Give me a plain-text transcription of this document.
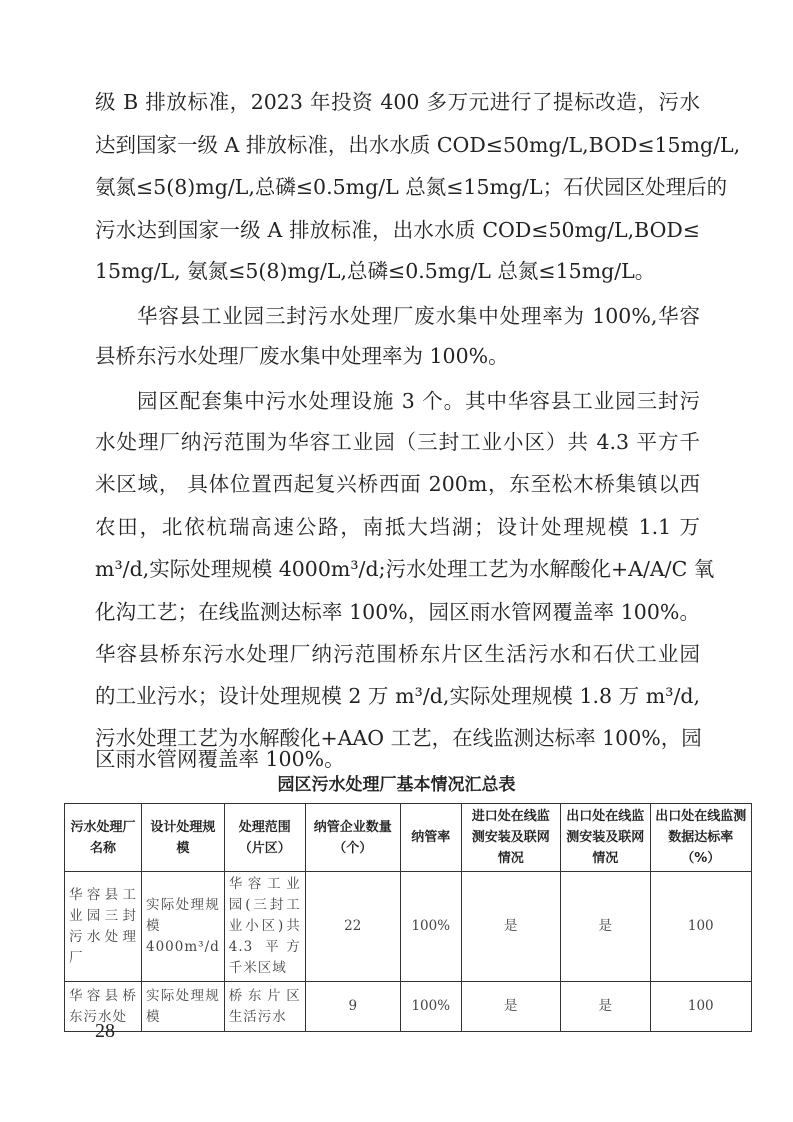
级 B 排放标准，2023 年投资 400 多万元进行了提标改造，污水
达到国家一级 A 排放标准，出水水质 COD≤50mg/L,BOD≤15mg/L,
氨氮≤5(8)mg/L,总磷≤0.5mg/L 总氮≤15mg/L；石伏园区处理后的
污水达到国家一级 A 排放标准，出水水质 COD≤50mg/L,BOD≤
15mg/L, 氨氮≤5(8)mg/L,总磷≤0.5mg/L 总氮≤15mg/L。
华容县工业园三封污水处理厂废水集中处理率为 100%,华容
县桥东污水处理厂废水集中处理率为 100%。
园区配套集中污水处理设施 3 个。其中华容县工业园三封污
水处理厂纳污范围为华容工业园（三封工业小区）共 4.3 平方千
米区域， 具体位置西起复兴桥西面 200m，东至松木桥集镇以西
农田，北依杭瑞高速公路，南抵大垱湖；设计处理规模 1.1 万
m³/d,实际处理规模 4000m³/d;污水处理工艺为水解酸化+A/A/C 氧
化沟工艺；在线监测达标率 100%，园区雨水管网覆盖率 100%。
华容县桥东污水处理厂纳污范围桥东片区生活污水和石伏工业园
的工业污水；设计处理规模 2 万 m³/d,实际处理规模 1.8 万 m³/d,
污水处理工艺为水解酸化+AAO 工艺，在线监测达标率 100%，园
区雨水管网覆盖率 100%。
园区污水处理厂基本情况汇总表
污水处理厂名称	设计处理规模	处理范围（片区）	纳管企业数量（个）	纳管率	进口处在线监测安装及联网情况	出口处在线监测安装及联网情况	出口处在线监测数据达标率（%）
华容县工业园三封污水处理厂	实际处理规模4000m³/d	华容工业园(三封工业小区)共4.3 平方千米区域	22	100%	是	是	100
华容县桥东污水处	实际处理规模	桥东片区生活污水	9	100%	是	是	100
28
